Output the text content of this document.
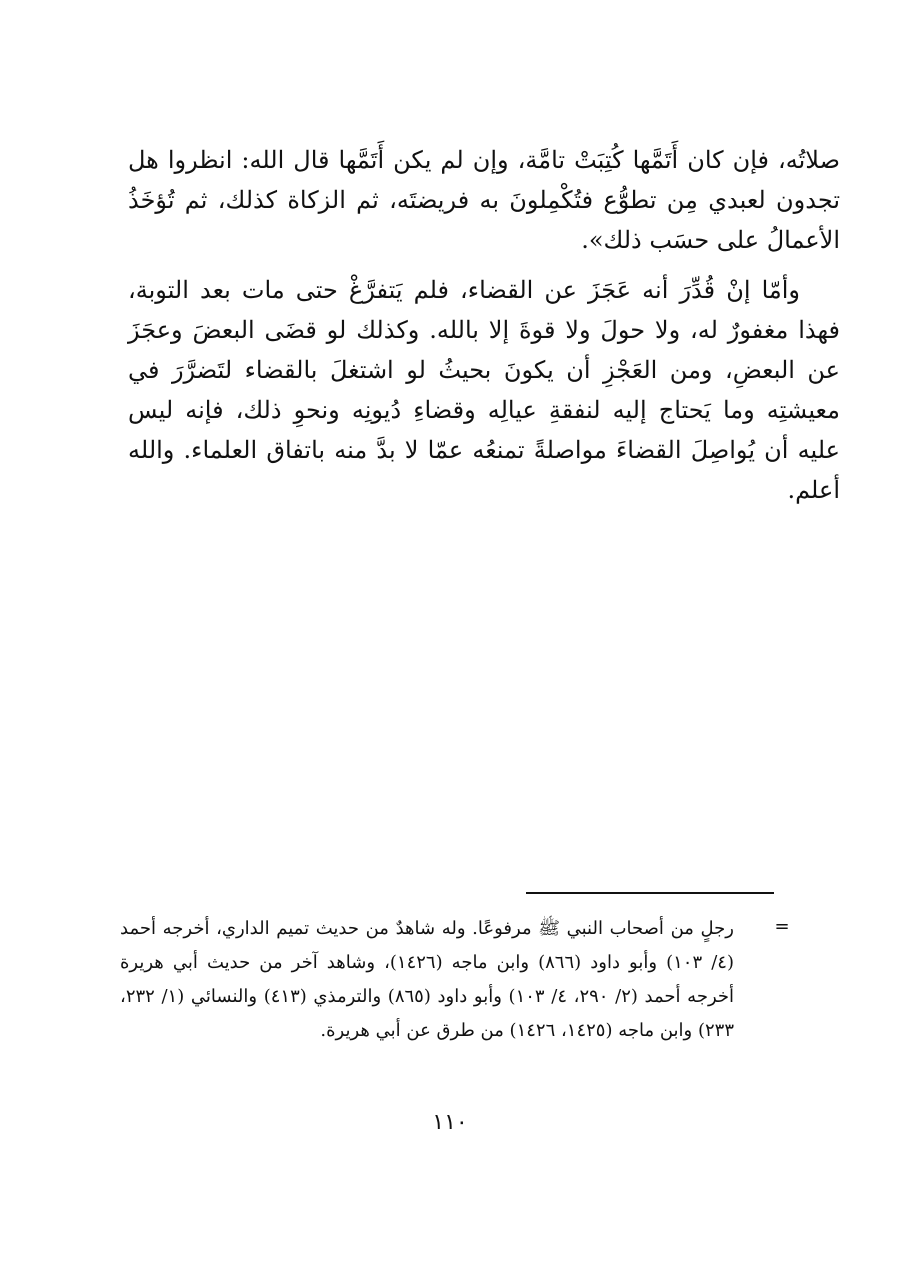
صلاتُه، فإن كان أَتَمَّها كُتِبَتْ تامَّة، وإن لم يكن أَتَمَّها قال الله: انظروا هل تجدون لعبدي مِن تطوُّع فتُكْمِلونَ به فريضتَه، ثم الزكاة كذلك، ثم تُؤخَذُ الأعمالُ على حسَب ذلك».

وأمّا إنْ قُدِّرَ أنه عَجَزَ عن القضاء، فلم يَتفرَّغْ حتى مات بعد التوبة، فهذا مغفورٌ له، ولا حولَ ولا قوةَ إلا بالله. وكذلك لو قضَى البعضَ وعجَزَ عن البعضِ، ومن العَجْزِ أن يكونَ بحيثُ لو اشتغلَ بالقضاء لتَضرَّرَ في معيشتِه وما يَحتاج إليه لنفقةِ عيالِه وقضاءِ دُيونِه ونحوِ ذلك، فإنه ليس عليه أن يُواصِلَ القضاءَ مواصلةً تمنعُه عمّا لا بدَّ منه باتفاق العلماء. والله أعلم.

=

رجلٍ من أصحاب النبي ﷺ مرفوعًا. وله شاهدٌ من حديث تميم الداري، أخرجه أحمد (٤/ ١٠٣) وأبو داود (٨٦٦) وابن ماجه (١٤٢٦)، وشاهد آخر من حديث أبي هريرة أخرجه أحمد (٢/ ٢٩٠، ٤/ ١٠٣) وأبو داود (٨٦٥) والترمذي (٤١٣) والنسائي (١/ ٢٣٢، ٢٣٣) وابن ماجه (١٤٢٥، ١٤٢٦) من طرق عن أبي هريرة.

١١٠
